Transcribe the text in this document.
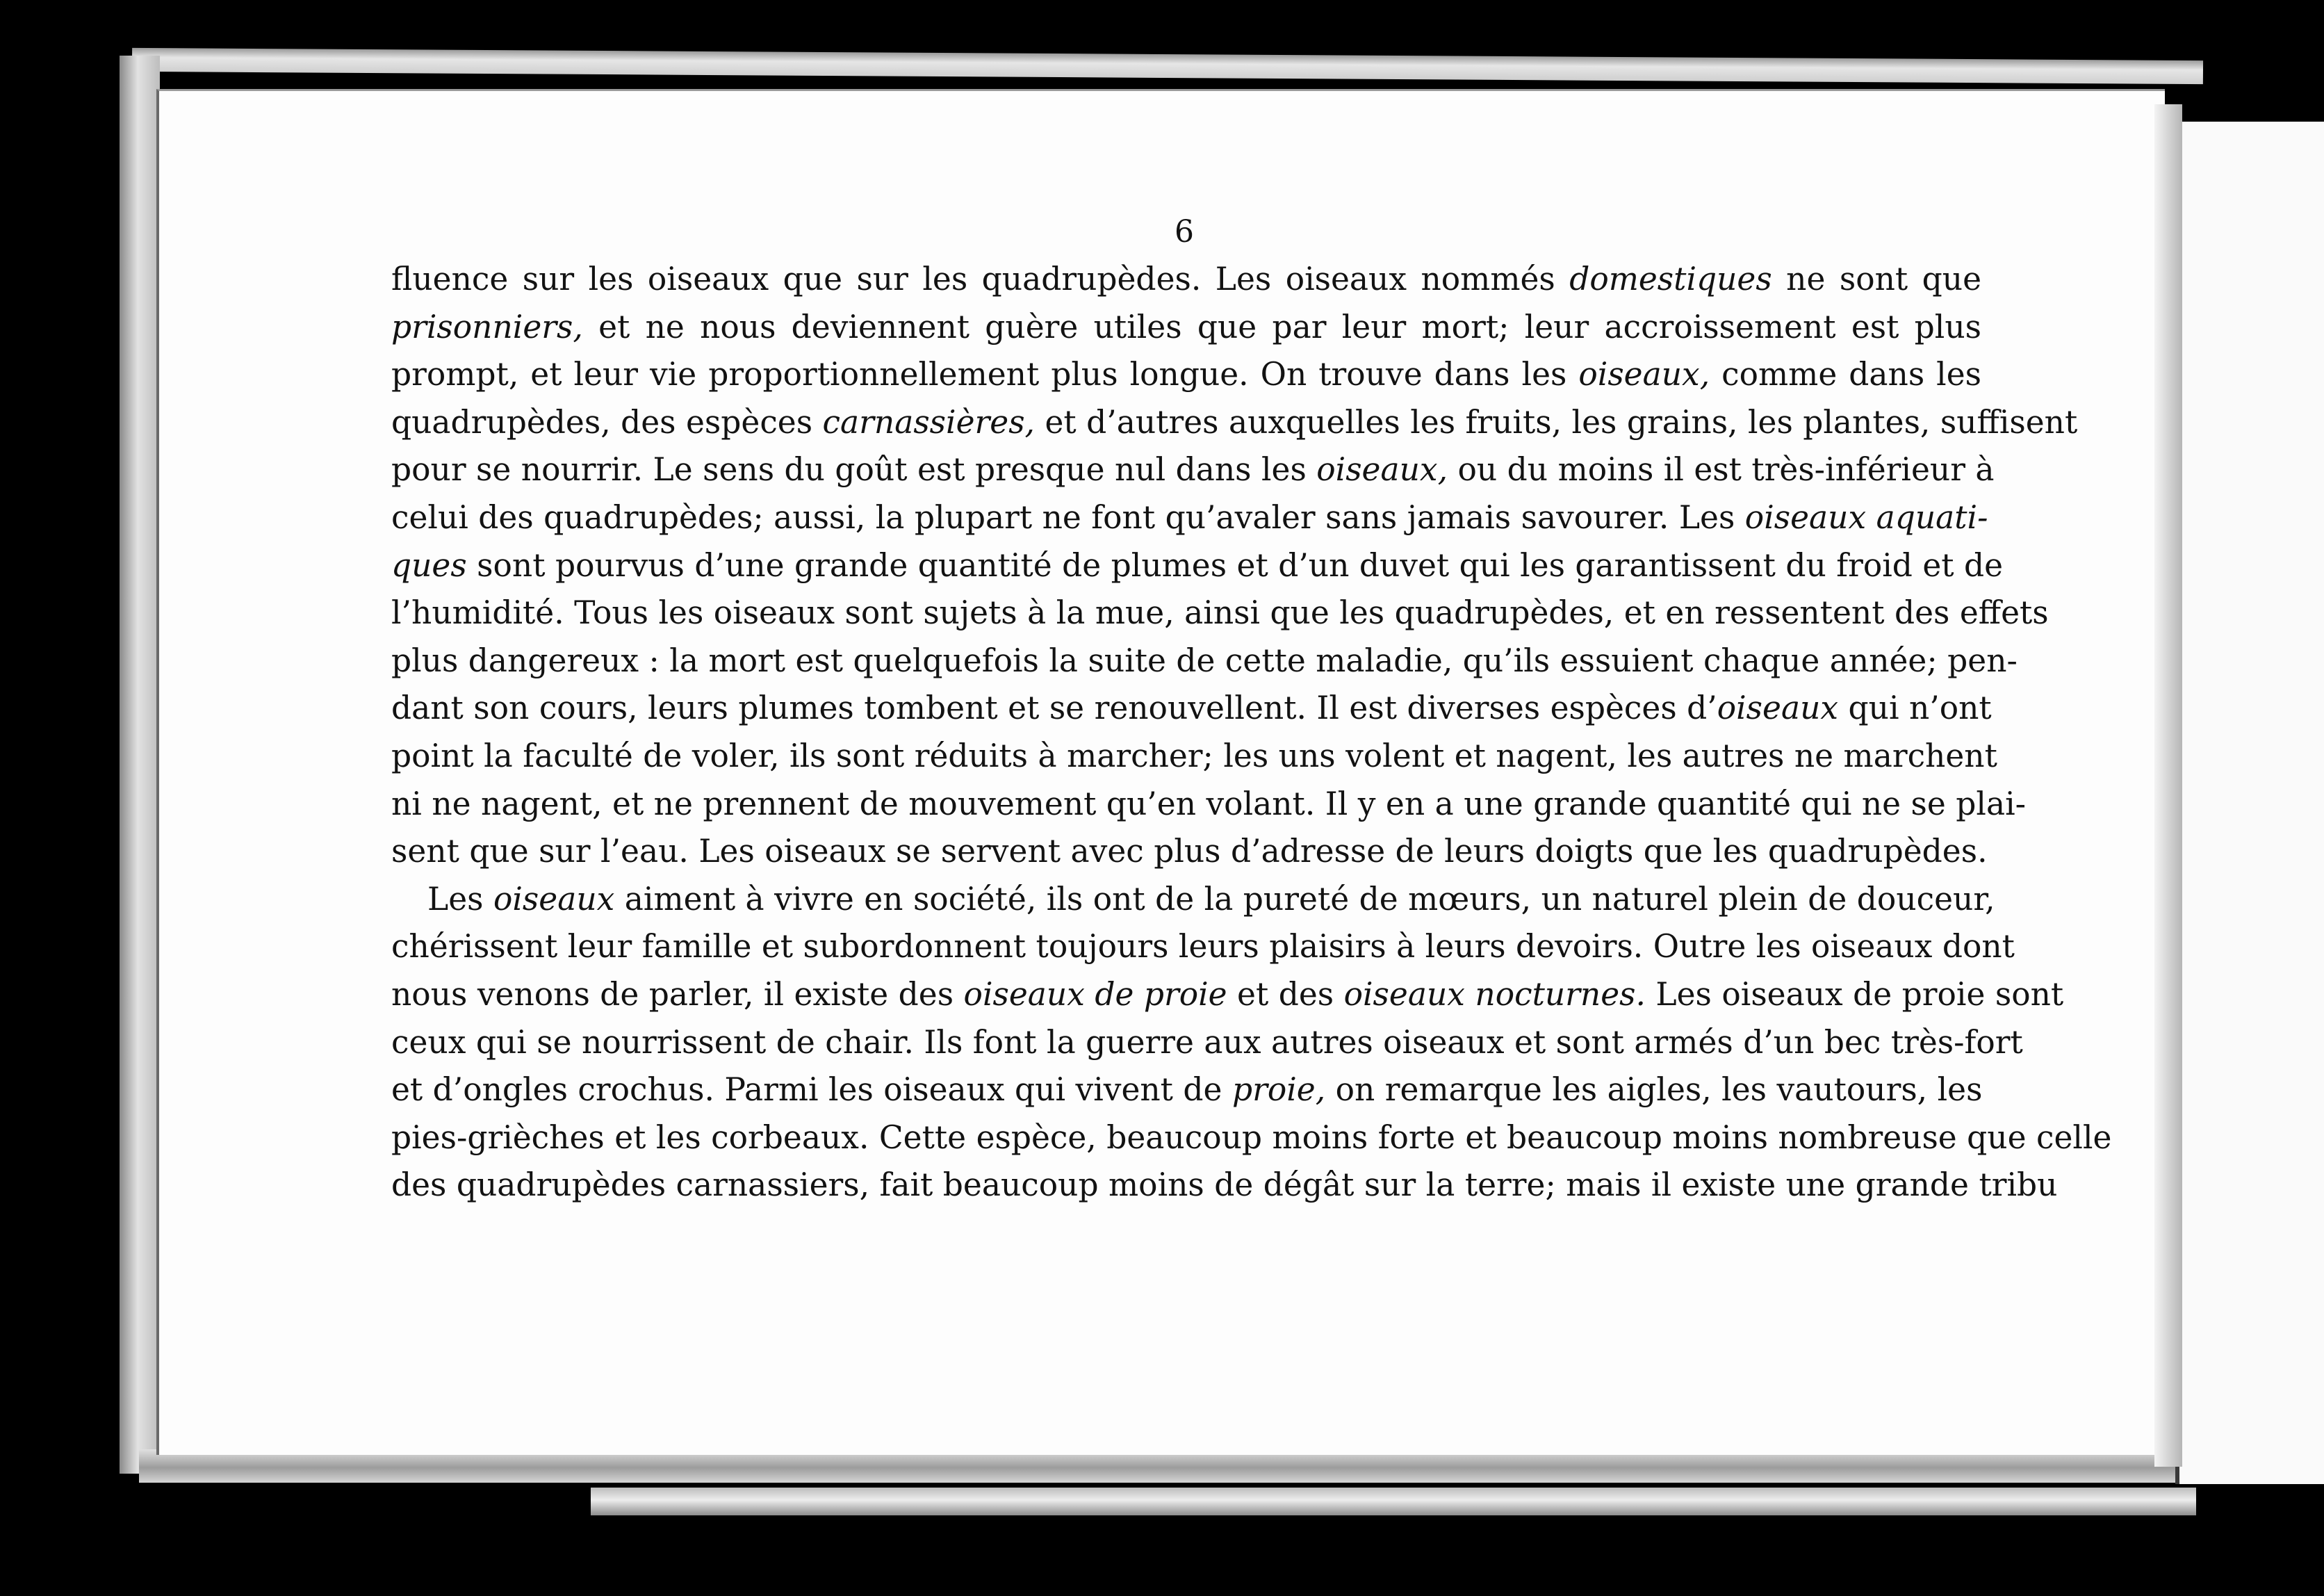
6
fluence sur les oiseaux que sur les quadrupèdes. Les oiseaux nommés domestiques ne sont que
prisonniers, et ne nous deviennent guère utiles que par leur mort; leur accroissement est plus
prompt, et leur vie proportionnellement plus longue. On trouve dans les oiseaux, comme dans les
quadrupèdes, des espèces carnassières, et d’autres auxquelles les fruits, les grains, les plantes, suffisent
pour se nourrir. Le sens du goût est presque nul dans les oiseaux, ou du moins il est très-inférieur à
celui des quadrupèdes; aussi, la plupart ne font qu’avaler sans jamais savourer. Les oiseaux aquati-
ques sont pourvus d’une grande quantité de plumes et d’un duvet qui les garantissent du froid et de
l’humidité. Tous les oiseaux sont sujets à la mue, ainsi que les quadrupèdes, et en ressentent des effets
plus dangereux : la mort est quelquefois la suite de cette maladie, qu’ils essuient chaque année; pen-
dant son cours, leurs plumes tombent et se renouvellent. Il est diverses espèces d’oiseaux qui n’ont
point la faculté de voler, ils sont réduits à marcher; les uns volent et nagent, les autres ne marchent
ni ne nagent, et ne prennent de mouvement qu’en volant. Il y en a une grande quantité qui ne se plai-
sent que sur l’eau. Les oiseaux se servent avec plus d’adresse de leurs doigts que les quadrupèdes.
Les oiseaux aiment à vivre en société, ils ont de la pureté de mœurs, un naturel plein de douceur,
chérissent leur famille et subordonnent toujours leurs plaisirs à leurs devoirs. Outre les oiseaux dont
nous venons de parler, il existe des oiseaux de proie et des oiseaux nocturnes. Les oiseaux de proie sont
ceux qui se nourrissent de chair. Ils font la guerre aux autres oiseaux et sont armés d’un bec très-fort
et d’ongles crochus. Parmi les oiseaux qui vivent de proie, on remarque les aigles, les vautours, les
pies-grièches et les corbeaux. Cette espèce, beaucoup moins forte et beaucoup moins nombreuse que celle
des quadrupèdes carnassiers, fait beaucoup moins de dégât sur la terre; mais il existe une grande tribu
